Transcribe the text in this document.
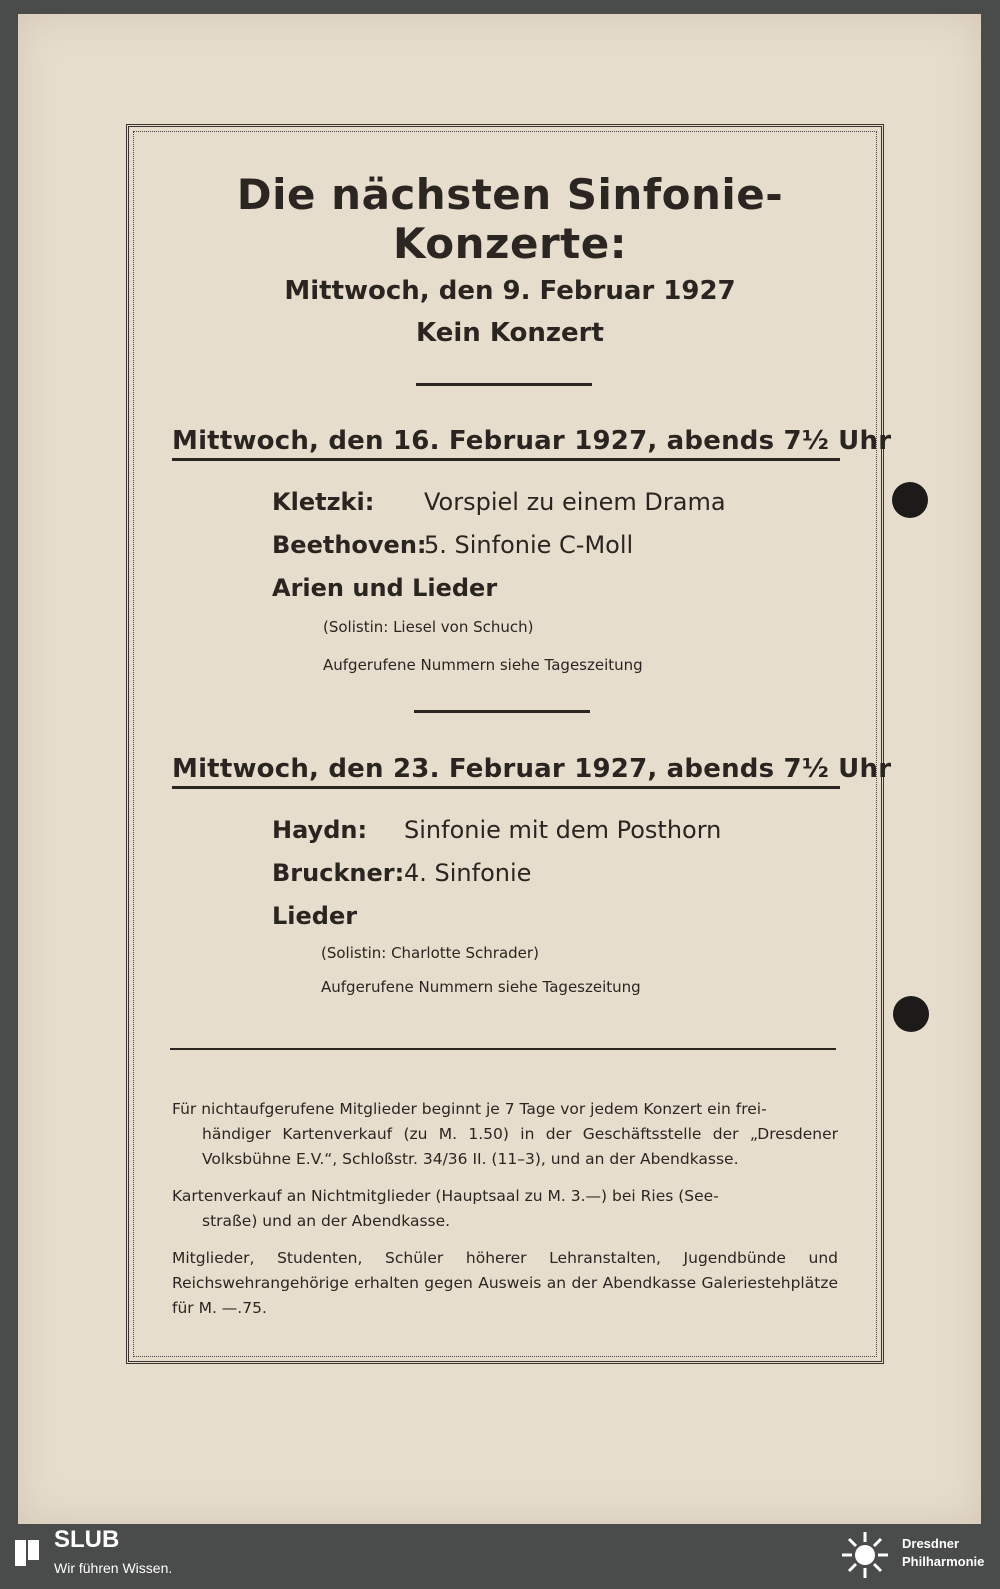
Die nächsten Sinfonie-Konzerte:
Mittwoch, den 9. Februar 1927
Kein Konzert
Mittwoch, den 16. Februar 1927, abends 7½ Uhr
Kletzki: Vorspiel zu einem Drama
Beethoven:
5. Sinfonie C-Moll
Arien und Lieder
(Solistin: Liesel von Schuch)
Aufgerufene Nummern siehe Tageszeitung
Mittwoch, den 23. Februar 1927, abends 7½ Uhr
Haydn: Sinfonie mit dem Posthorn
Bruckner: 4. Sinfonie
Lieder
(Solistin: Charlotte Schrader)
Aufgerufene Nummern siehe Tageszeitung
Für nichtaufgerufene Mitglieder beginnt je 7 Tage vor jedem Konzert ein frei-
händiger Kartenverkauf (zu M. 1.50) in der Geschäftsstelle der „Dresdener Volksbühne E.V.“, Schloßstr. 34/36 II. (11–3), und an der Abendkasse.
Kartenverkauf an Nichtmitglieder (Hauptsaal zu M. 3.—) bei Ries (See-
straße) und an der Abendkasse.
Mitglieder, Studenten, Schüler höherer Lehranstalten, Jugendbünde und Reichswehrangehörige erhalten gegen Ausweis an der Abendkasse Galeriestehplätze für M. —.75.
SLUB
Wir führen Wissen.
Dresdner
Philharmonie
